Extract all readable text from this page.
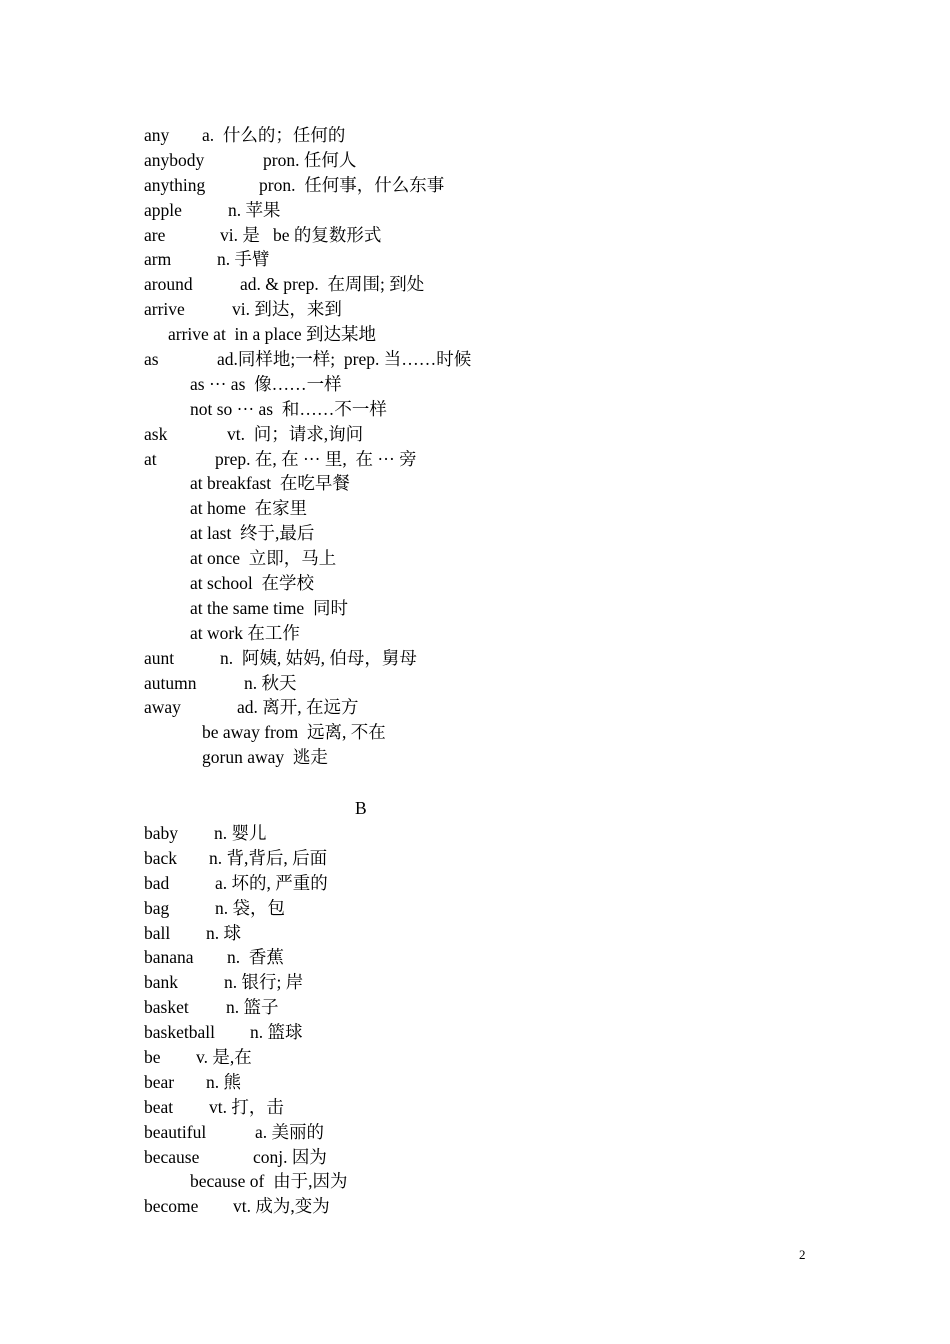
any a.  什么的；任何的
anybody	pron. 任何人
anything	pron.  任何事，什么东事
apple	n. 苹果
are	vi. 是   be 的复数形式
arm	n. 手臂
around	ad. & prep.  在周围; 到处
arrive	vi. 到达，来到
arrive at  in a place 到达某地
as	ad.同样地;一样;  prep. 当……时候
as ··· as  像……一样
not so ··· as  和……不一样
ask	vt.  问；请求,询问
at	prep. 在, 在 ··· 里,  在 ··· 旁
at breakfast  在吃早餐
at home  在家里
at last  终于,最后
at once  立即，马上
at school  在学校
at the same time  同时
at work 在工作
aunt	n.  阿姨, 姑妈, 伯母，舅母
autumn	n. 秋天
away	ad. 离开, 在远方
be away from  远离, 不在
gorun away  逃走
B
baby n. 婴儿
back n. 背,背后, 后面
bad	a. 坏的, 严重的
bag	n. 袋，包
ball n. 球
banana n.  香蕉
bank	n. 银行; 岸
basket n. 篮子
basketball n. 篮球
be v. 是,在
bear n. 熊
beat vt. 打，击
beautiful	a. 美丽的
because	conj. 因为
because of  由于,因为
become vt. 成为,变为
2
